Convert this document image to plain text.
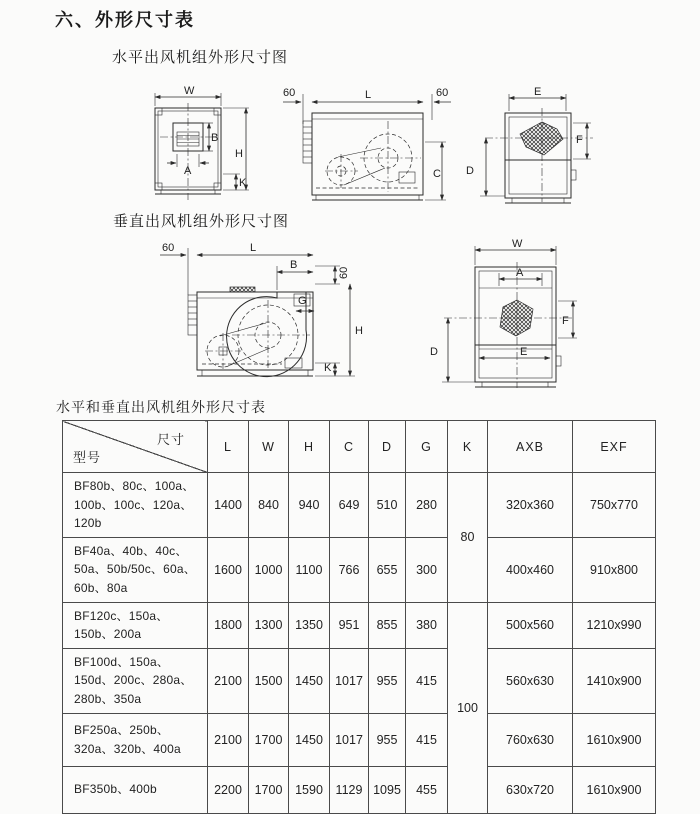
六、外形尺寸表
水平出风机组外形尺寸图
W
B
A
H
K
60	L	60
C
E
F
D
垂直出风机组外形尺寸图
60	L
B
60
G
K
H
W
A
F
D	E
水平和垂直出风机组外形尺寸表
尺寸
型号	L	W	H	C	D	G	K	AXB	EXF
BF80b、80c、100a、100b、100c、120a、120b	1400	840	940	649	510	280	80	320x360	750x770
BF40a、40b、40c、50a、50b/50c、60a、60b、80a	1600	1000	1100	766	655	300		400x460	910x800
BF120c、150a、150b、200a	1800	1300	1350	951	855	380	100	500x560	1210x990
BF100d、150a、150d、200c、280a、280b、350a	2100	1500	1450	1017	955	415		560x630	1410x900
BF250a、250b、320a、320b、400a	2100	1700	1450	1017	955	415		760x630	1610x900
BF350b、400b	2200	1700	1590	1129	1095	455		630x720	1610x900
